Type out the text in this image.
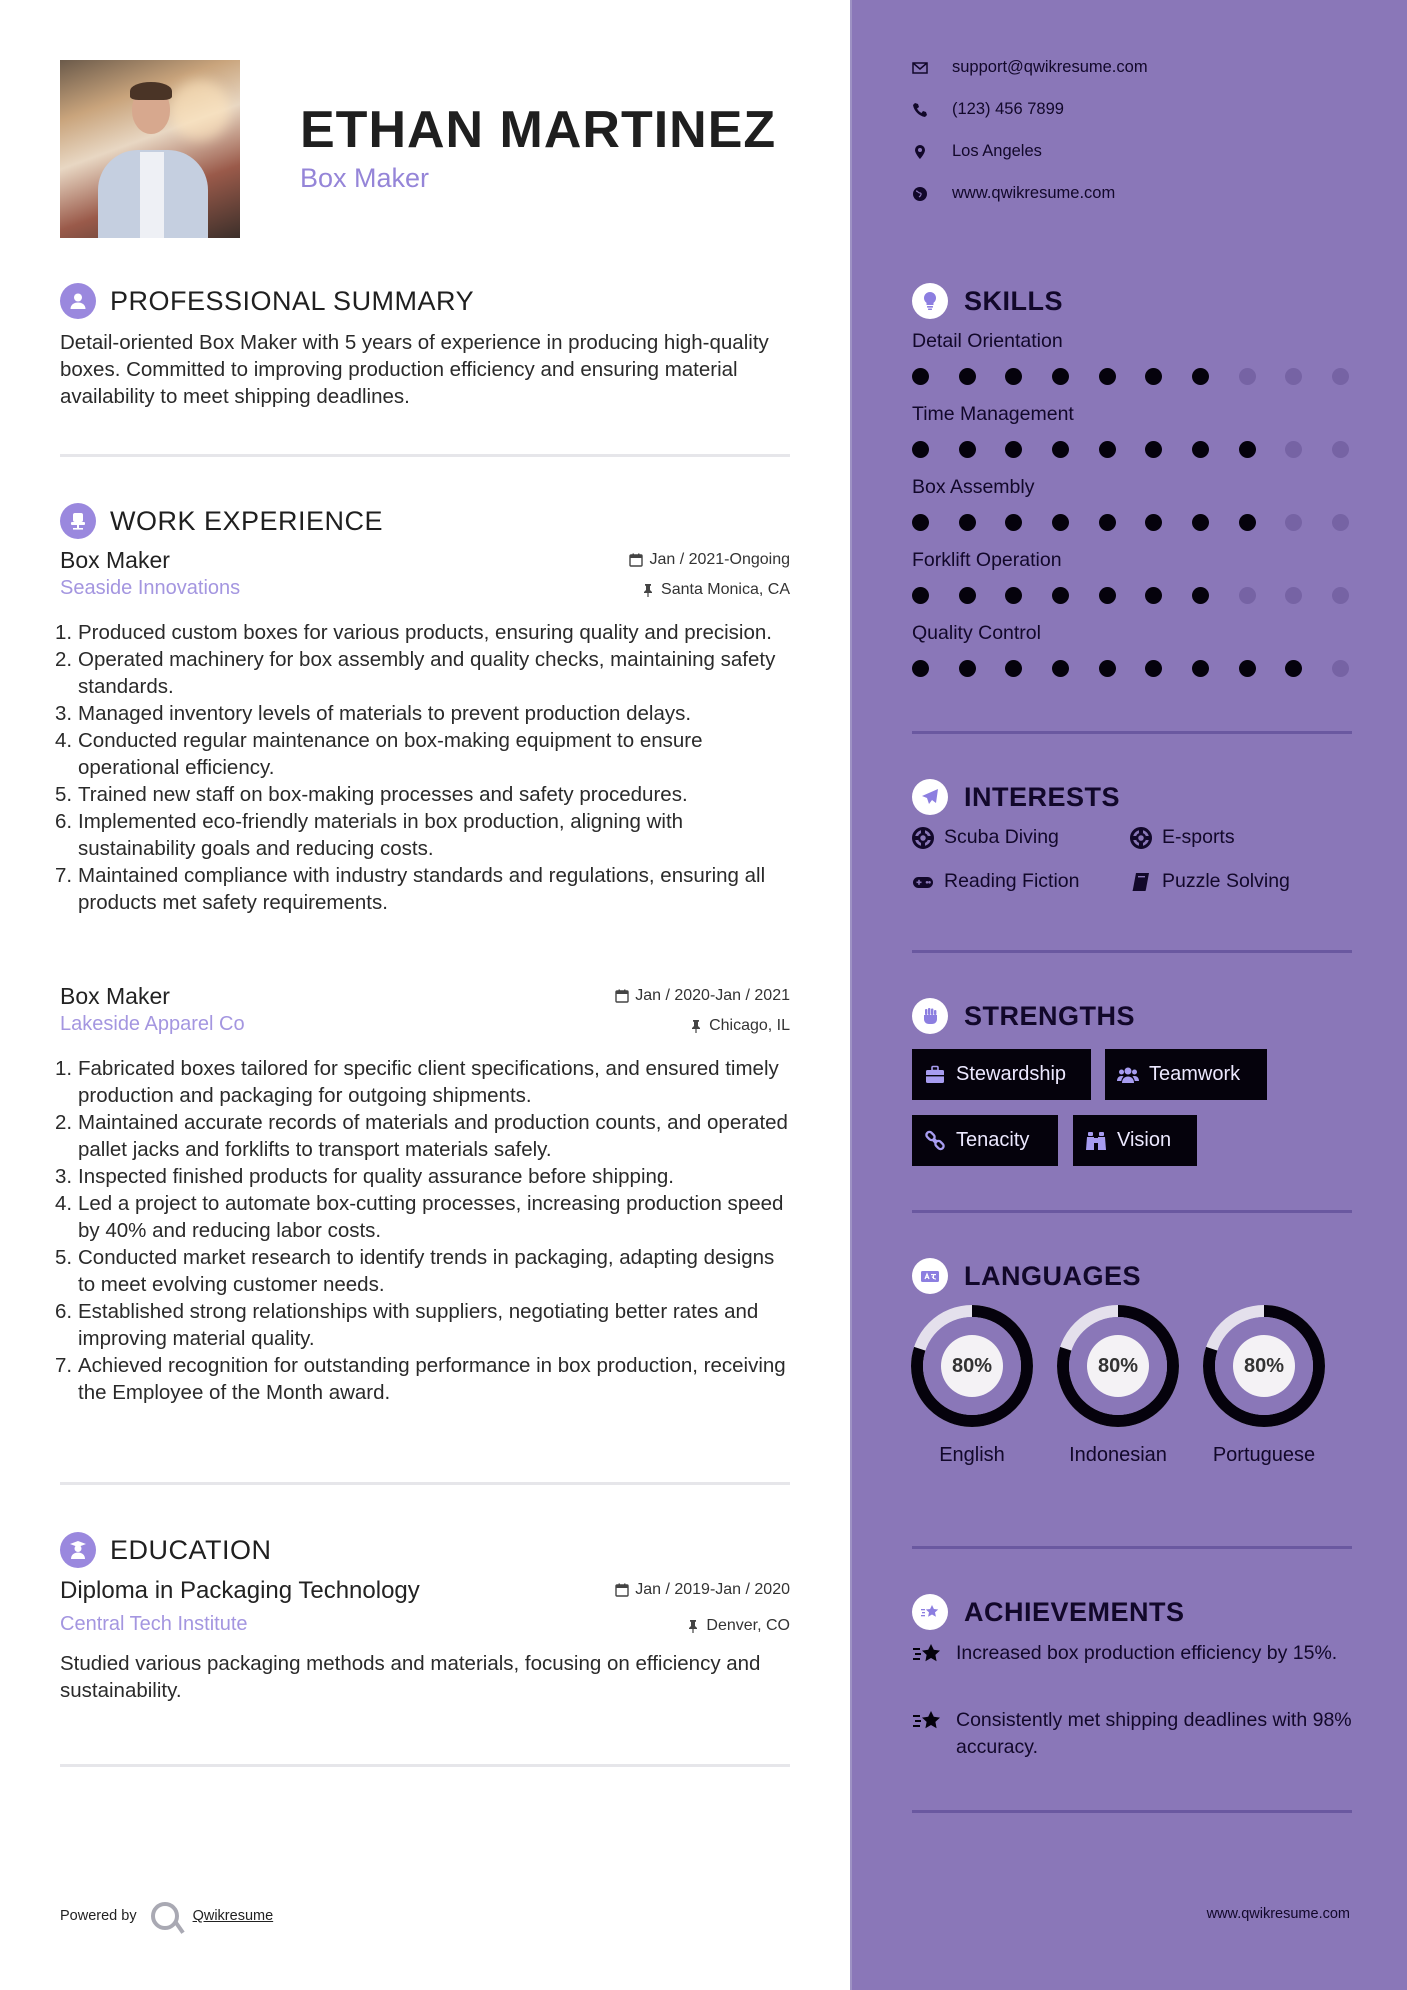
ETHAN MARTINEZ
Box Maker
PROFESSIONAL SUMMARY
Detail-oriented Box Maker with 5 years of experience in producing high-quality boxes. Committed to improving production efficiency and ensuring material availability to meet shipping deadlines.
WORK EXPERIENCE
Box Maker	Jan / 2021-Ongoing
Seaside Innovations	Santa Monica, CA
1. Produced custom boxes for various products, ensuring quality and precision.
2. Operated machinery for box assembly and quality checks, maintaining safety standards.
3. Managed inventory levels of materials to prevent production delays.
4. Conducted regular maintenance on box-making equipment to ensure operational efficiency.
5. Trained new staff on box-making processes and safety procedures.
6. Implemented eco-friendly materials in box production, aligning with sustainability goals and reducing costs.
7. Maintained compliance with industry standards and regulations, ensuring all products met safety requirements.
Box Maker	Jan / 2020-Jan / 2021
Lakeside Apparel Co	Chicago, IL
1. Fabricated boxes tailored for specific client specifications, and ensured timely production and packaging for outgoing shipments.
2. Maintained accurate records of materials and production counts, and operated pallet jacks and forklifts to transport materials safely.
3. Inspected finished products for quality assurance before shipping.
4. Led a project to automate box-cutting processes, increasing production speed by 40% and reducing labor costs.
5. Conducted market research to identify trends in packaging, adapting designs to meet evolving customer needs.
6. Established strong relationships with suppliers, negotiating better rates and improving material quality.
7. Achieved recognition for outstanding performance in box production, receiving the Employee of the Month award.
EDUCATION
Diploma in Packaging Technology	Jan / 2019-Jan / 2020
Central Tech Institute	Denver, CO
Studied various packaging methods and materials, focusing on efficiency and sustainability.
Powered by	Qwikresume
support@qwikresume.com
(123) 456 7899
Los Angeles
www.qwikresume.com
SKILLS
Detail Orientation
Time Management
Box Assembly
Forklift Operation
Quality Control
INTERESTS
Scuba Diving	E-sports
Reading Fiction	Puzzle Solving
STRENGTHS
Stewardship	Teamwork
Tenacity	Vision
LANGUAGES
80%
English
80%
Indonesian
80%
Portuguese
ACHIEVEMENTS
Increased box production efficiency by 15%.
Consistently met shipping deadlines with 98% accuracy.
www.qwikresume.com
